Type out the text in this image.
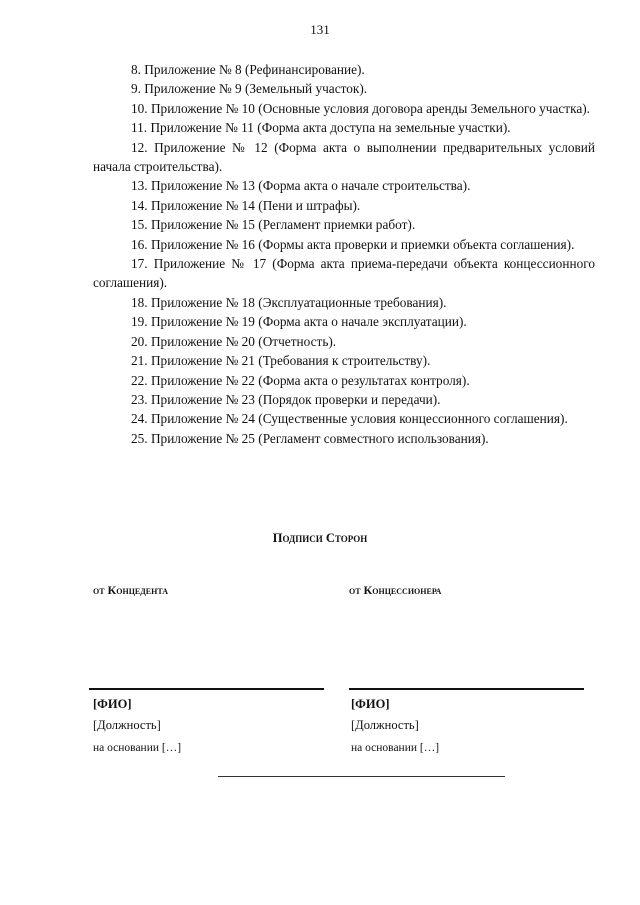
131

8. Приложение № 8 (Рефинансирование).

9. Приложение № 9 (Земельный участок).

10. Приложение № 10 (Основные условия договора аренды Земельного участка).

11. Приложение № 11 (Форма акта доступа на земельные участки).

12. Приложение № 12 (Форма акта о выполнении предварительных условий начала строительства).

13. Приложение № 13 (Форма акта о начале строительства).

14. Приложение № 14 (Пени и штрафы).

15. Приложение № 15 (Регламент приемки работ).

16. Приложение № 16 (Формы акта проверки и приемки объекта соглашения).

17. Приложение № 17 (Форма акта приема-передачи объекта концессионного соглашения).

18. Приложение № 18 (Эксплуатационные требования).

19. Приложение № 19 (Форма акта о начале эксплуатации).

20. Приложение № 20 (Отчетность).

21. Приложение № 21 (Требования к строительству).

22. Приложение № 22 (Форма акта о результатах контроля).

23. Приложение № 23 (Порядок проверки и передачи).

24. Приложение № 24 (Существенные условия концессионного соглашения).

25. Приложение № 25 (Регламент совместного использования).

Подписи Сторон
от Концедента	от Концессионера
[ФИО]	[ФИО]
[Должность]	[Должность]
на основании […]	на основании […]
